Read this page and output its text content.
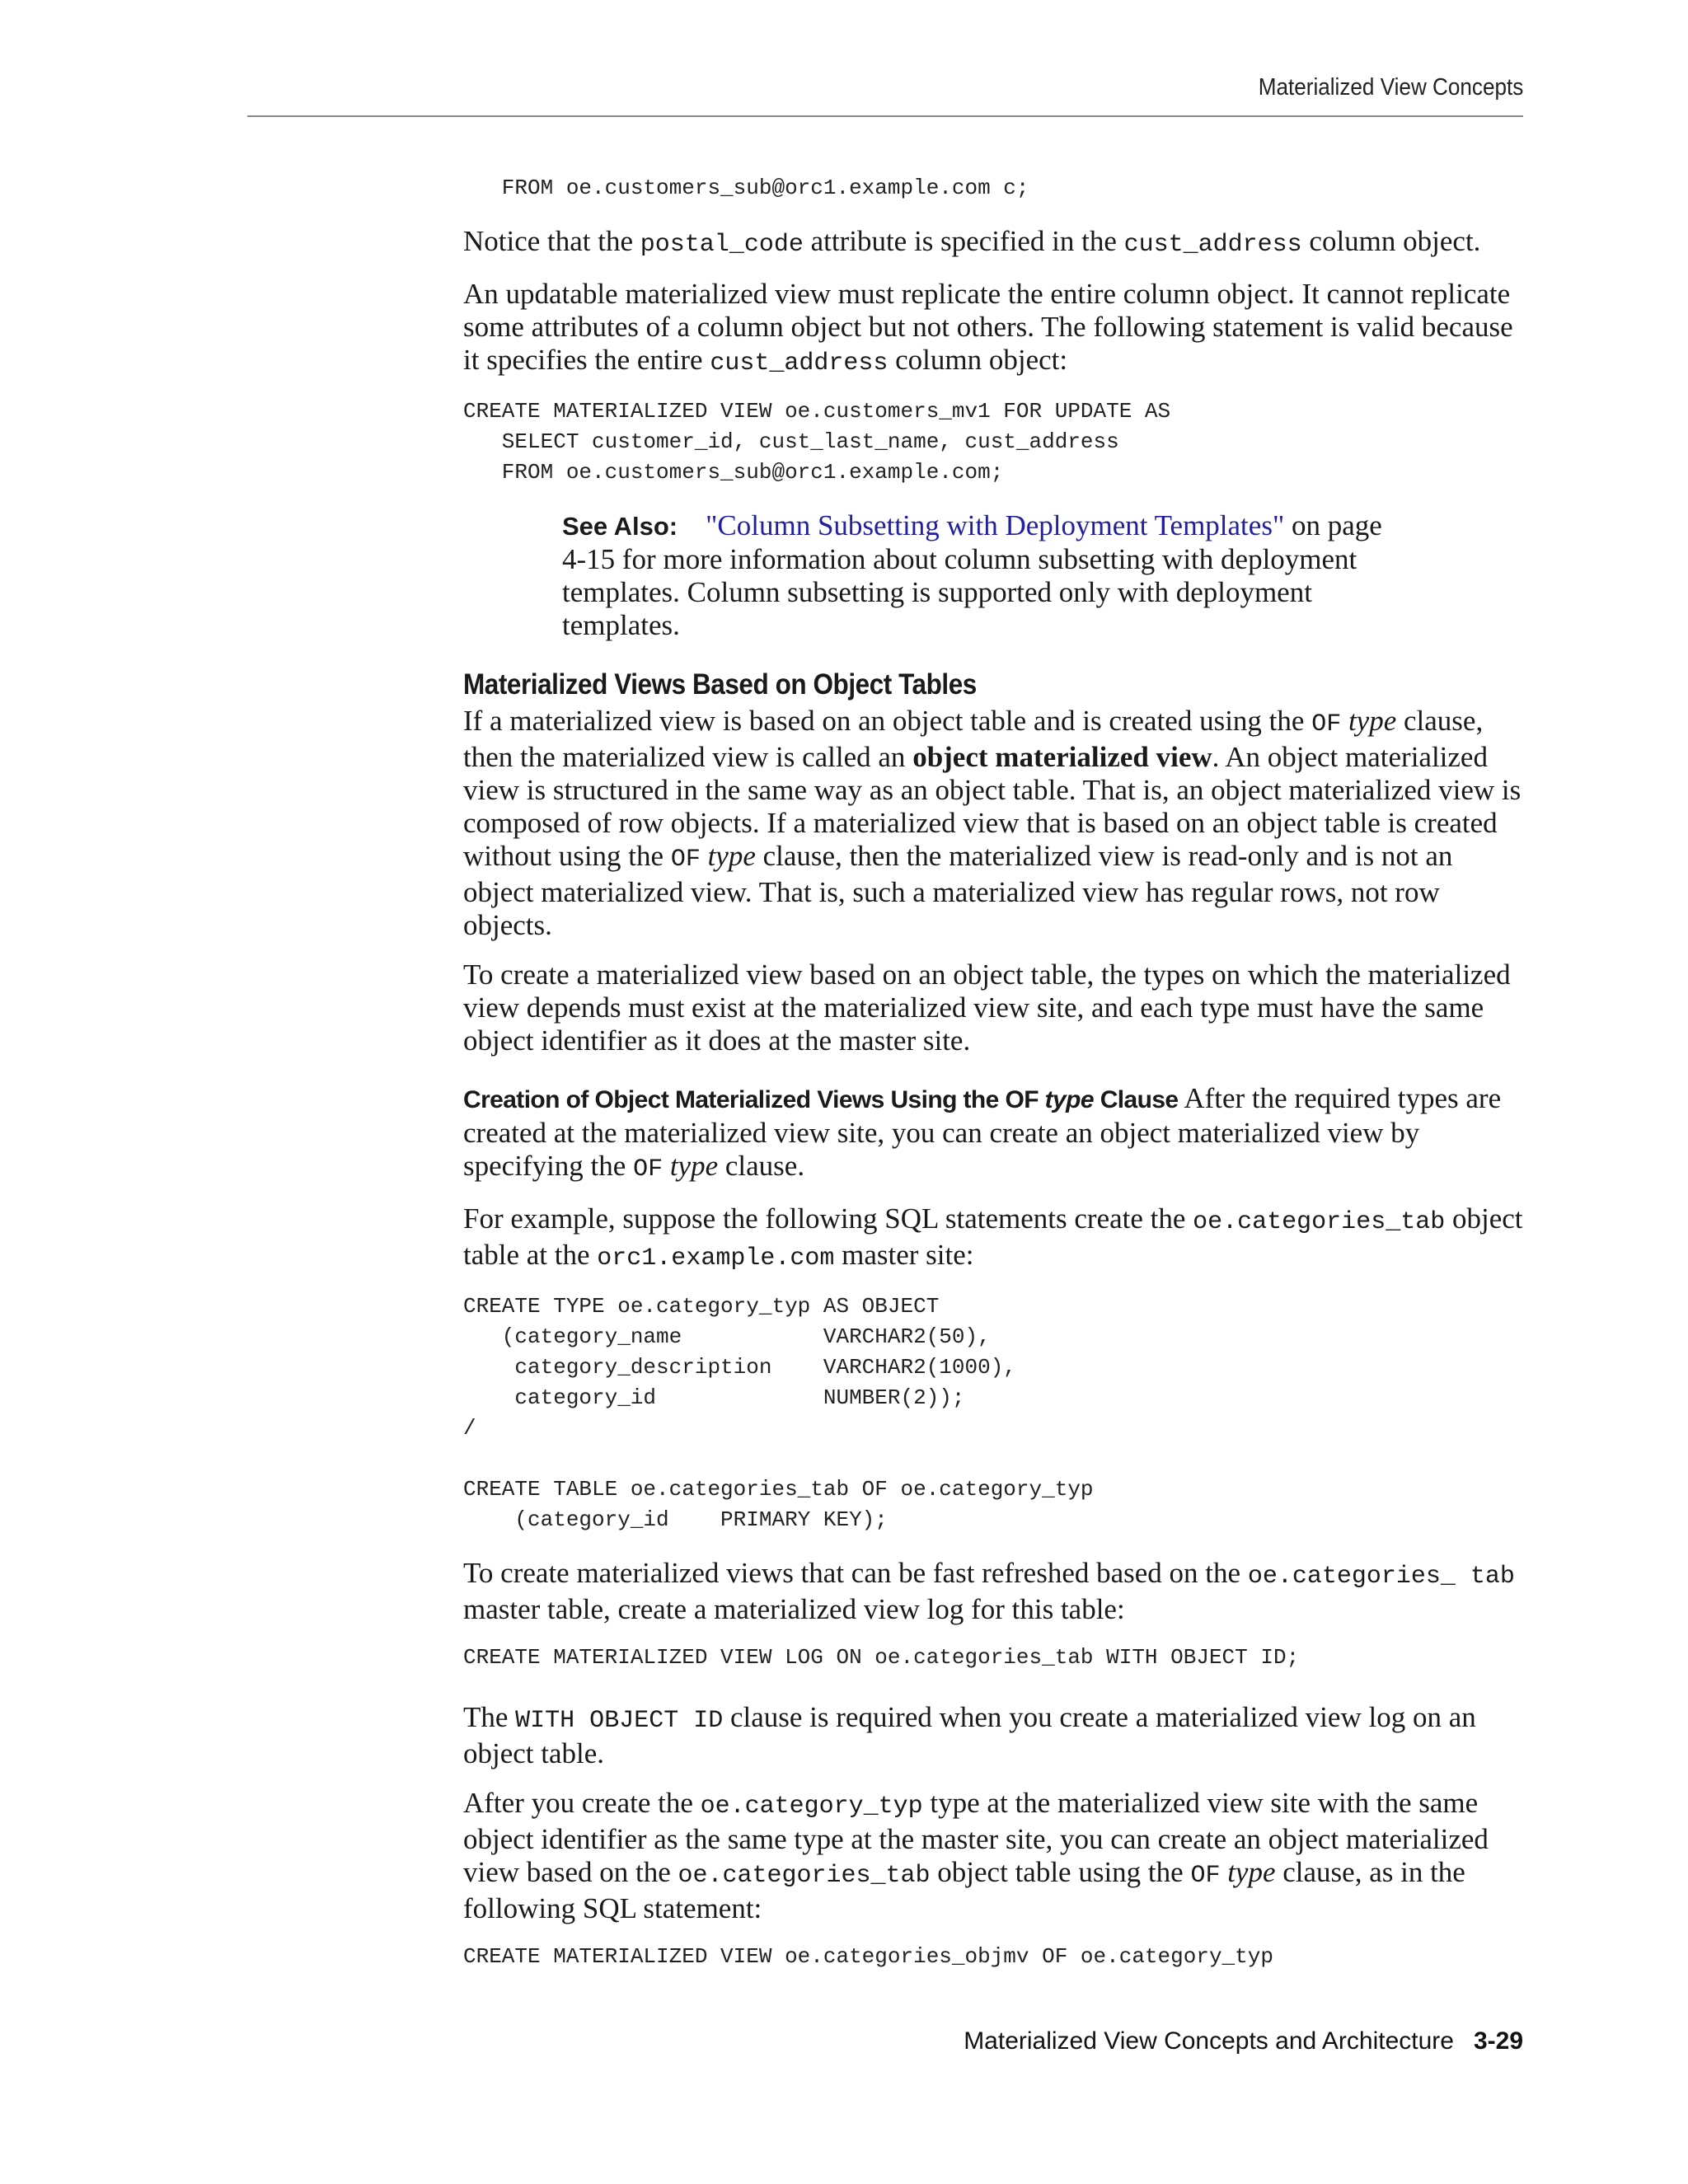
Materialized View Concepts
FROM oe.customers_sub@orc1.example.com c;

Notice that the postal_code attribute is specified in the cust_address column object.

An updatable materialized view must replicate the entire column object. It cannot replicate some attributes of a column object but not others. The following statement is valid because it specifies the entire cust_address column object:

CREATE MATERIALIZED VIEW oe.customers_mv1 FOR UPDATE AS
SELECT customer_id, cust_last_name, cust_address
FROM oe.customers_sub@orc1.example.com;
See Also: "Column Subsetting with Deployment Templates" on page 4-15 for more information about column subsetting with deployment templates. Column subsetting is supported only with deployment templates.
Materialized Views Based on Object Tables

If a materialized view is based on an object table and is created using the OF type clause, then the materialized view is called an object materialized view. An object materialized view is structured in the same way as an object table. That is, an object materialized view is composed of row objects. If a materialized view that is based on an object table is created without using the OF type clause, then the materialized view is read-only and is not an object materialized view. That is, such a materialized view has regular rows, not row objects.

To create a materialized view based on an object table, the types on which the materialized view depends must exist at the materialized view site, and each type must have the same object identifier as it does at the master site.

Creation of Object Materialized Views Using the OF type Clause After the required types are created at the materialized view site, you can create an object materialized view by specifying the OF type clause.

For example, suppose the following SQL statements create the oe.categories_tab object table at the orc1.example.com master site:

CREATE TYPE oe.category_typ AS OBJECT
(category_name           VARCHAR2(50),
category_description    VARCHAR2(1000),
category_id             NUMBER(2));
/

CREATE TABLE oe.categories_tab OF oe.category_typ
(category_id    PRIMARY KEY);

To create materialized views that can be fast refreshed based on the oe.categories_ tab master table, create a materialized view log for this table:

CREATE MATERIALIZED VIEW LOG ON oe.categories_tab WITH OBJECT ID;

The WITH OBJECT ID clause is required when you create a materialized view log on an object table.

After you create the oe.category_typ type at the materialized view site with the same object identifier as the same type at the master site, you can create an object materialized view based on the oe.categories_tab object table using the OF type clause, as in the following SQL statement:

CREATE MATERIALIZED VIEW oe.categories_objmv OF oe.category_typ
Materialized View Concepts and Architecture 3-29
